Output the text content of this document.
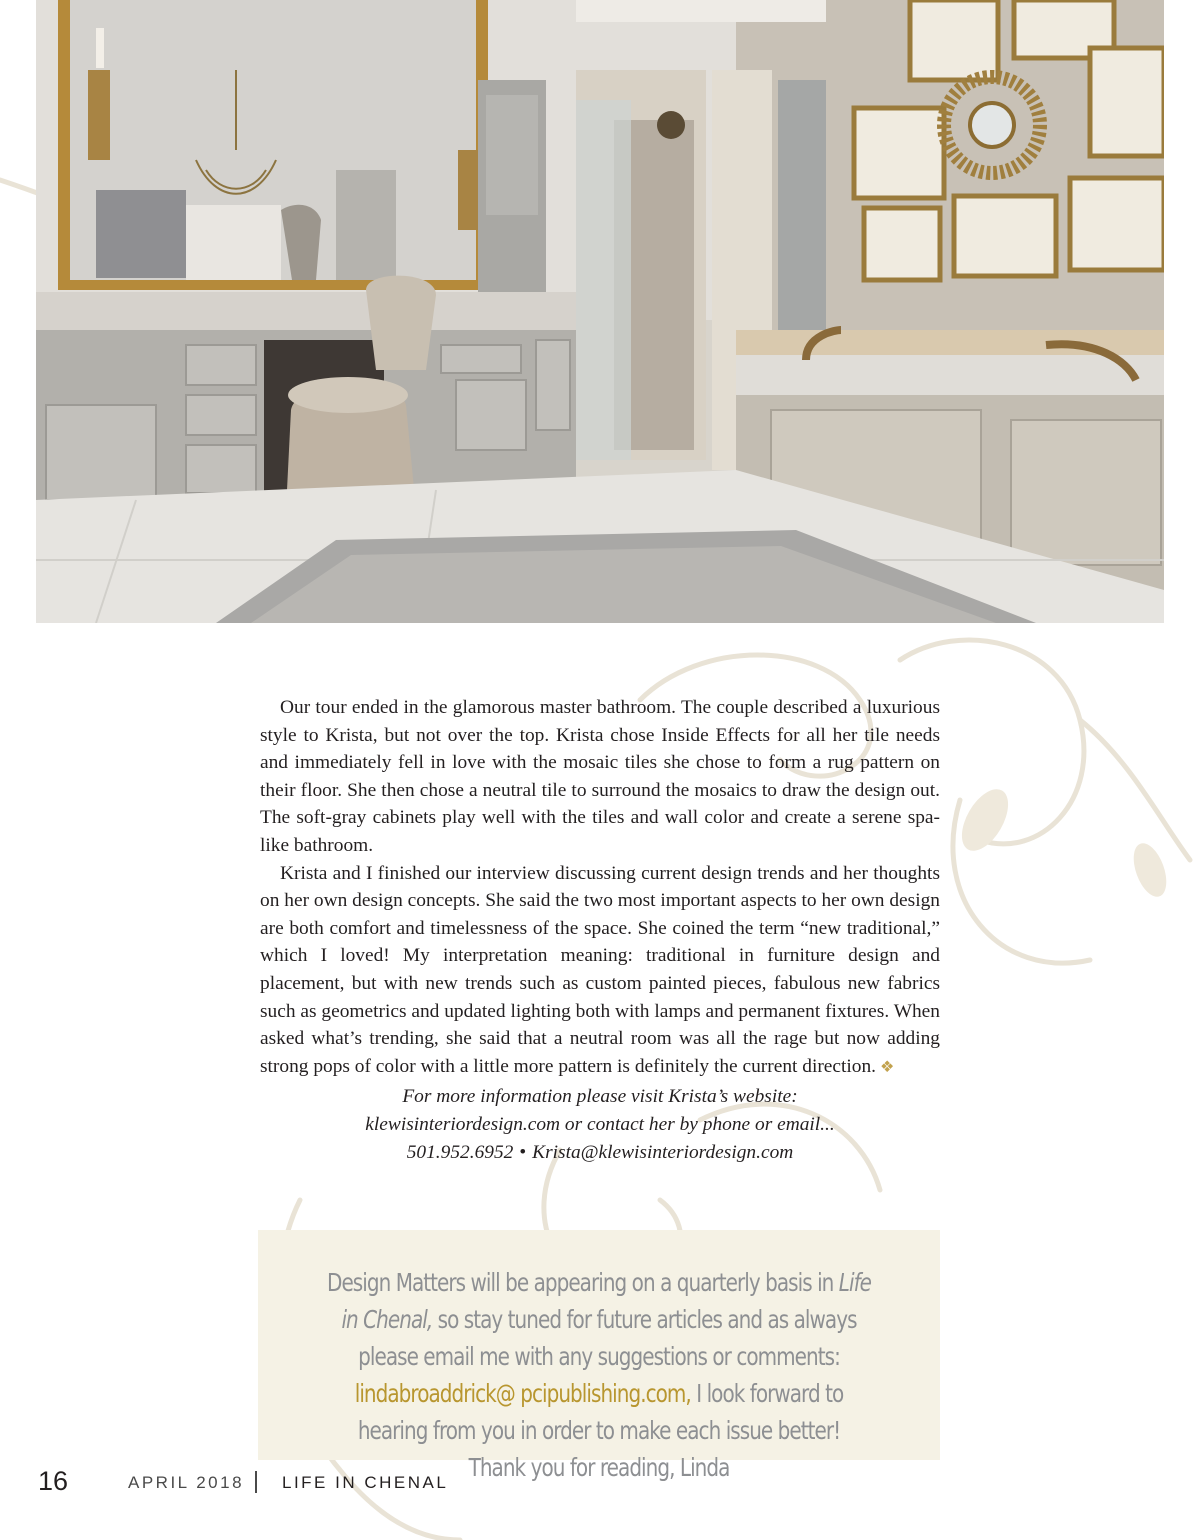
Our tour ended in the glamorous master bathroom. The couple described a luxurious style to Krista, but not over the top. Krista chose Inside Effects for all her tile needs and immediately fell in love with the mosaic tiles she chose to form a rug pattern on their floor. She then chose a neutral tile to surround the mosaics to draw the design out. The soft-gray cabinets play well with the tiles and wall color and create a serene spa-like bathroom.

Krista and I finished our interview discussing current design trends and her thoughts on her own design concepts. She said the two most important aspects to her own design are both comfort and timelessness of the space. She coined the term “new traditional,” which I loved! My interpretation meaning: traditional in furniture design and placement, but with new trends such as custom painted pieces, fabulous new fabrics such as geometrics and updated lighting both with lamps and permanent fixtures. When asked what’s trending, she said that a neutral room was all the rage but now adding strong pops of color with a little more pattern is definitely the current direction. ❖

For more information please visit Krista’s website:
klewisinteriordesign.com or contact her by phone or email...
501.952.6952 • Krista@klewisinteriordesign.com
Design Matters will be appearing on a quarterly basis in Life in Chenal, so stay tuned for future articles and as always please email me with any suggestions or comments: lindabroaddrick@ pcipublishing.com, I look forward to hearing from you in order to make each issue better! Thank you for reading, Linda
16	APRIL 2018 LIFE IN CHENAL
